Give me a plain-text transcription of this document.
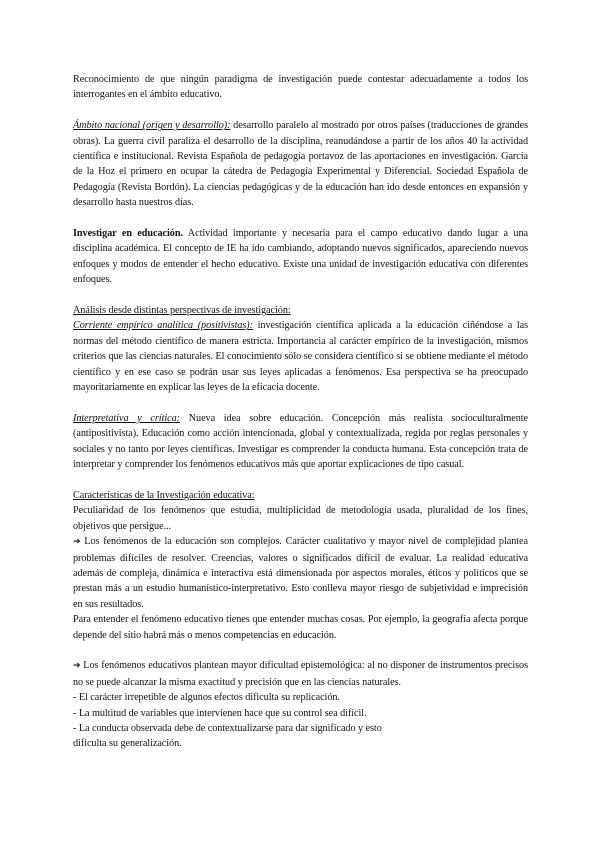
Reconocimiento de que ningún paradigma de investigación puede contestar adecuadamente a todos los interrogantes en el ámbito educativo.

Ámbito nacional (origen y desarrollo): desarrollo paralelo al mostrado por otros países (traducciones de grandes obras). La guerra civil paraliza el desarrollo de la disciplina, reanudándose a partir de los años 40 la actividad científica e institucional. Revista Española de pedagogía portavoz de las aportaciones en investigación. García de la Hoz el primero en ocupar la cátedra de Pedagogía Experimental y Diferencial. Sociedad Española de Pedagogía (Revista Bordón). La ciencias pedagógicas y de la educación han ido desde entonces en expansión y desarrollo hasta nuestros días.

Investigar en educación. Actividad importante y necesaria para el campo educativo dando lugar a una disciplina académica. El concepto de IE ha ido cambiando, adoptando nuevos significados, apareciendo nuevos enfoques y modos de entender el hecho educativo. Existe una unidad de investigación educativa con diferentes enfoques.

Análisis desde distintas perspectivas de investigación:

Corriente empírico analítica (positivistas): investigación científica aplicada a la educación ciñéndose a las normas del método científico de manera estricta. Importancia al carácter empírico de la investigación, mismos criterios que las ciencias naturales. El conocimiento sólo se considera científico si se obtiene mediante el método científico y en ese caso se podrán usar sus leyes aplicadas a fenómenos. Esa perspectiva se ha preocupado mayoritariamente en explicar las leyes de la eficacia docente.

Interpretativa y crítica: Nueva idea sobre educación. Concepción más realista socioculturalmente (antipositivista). Educación como acción intencionada, global y contextualizada, regida por reglas personales y sociales y no tanto por leyes científicas. Investigar es comprender la conducta humana. Esta concepción trata de interpretar y comprender los fenómenos educativos más que aportar explicaciones de tipo casual.

Características de la Investigación educativa:

Peculiaridad de los fenómenos que estudia, multiplicidad de metodología usada, pluralidad de los fines, objetivos que persigue...

➔ Los fenómenos de la educación son complejos. Carácter cualitativo y mayor nivel de complejidad plantea problemas difíciles de resolver. Creencias, valores o significados difícil de evaluar. La realidad educativa además de compleja, dinámica e interactiva está dimensionada por aspectos morales, éticos y políticos que se prestan más a un estudio humanístico-interpretativo. Esto conlleva mayor riesgo de subjetividad e imprecisión en sus resultados.

Para entender el fenómeno educativo tienes que entender muchas cosas. Por ejemplo, la geografía afecta porque depende del sitio habrá más o menos competencias en educación.

➔ Los fenómenos educativos plantean mayor dificultad epistemológica: al no disponer de instrumentos precisos no se puede alcanzar la misma exactitud y precisión que en las ciencias naturales.

- El carácter irrepetible de algunos efectos dificulta su replicación.

- La multitud de variables que intervienen hace que su control sea difícil.

- La conducta observada debe de contextualizarse para dar significado y esto

dificulta su generalización.
